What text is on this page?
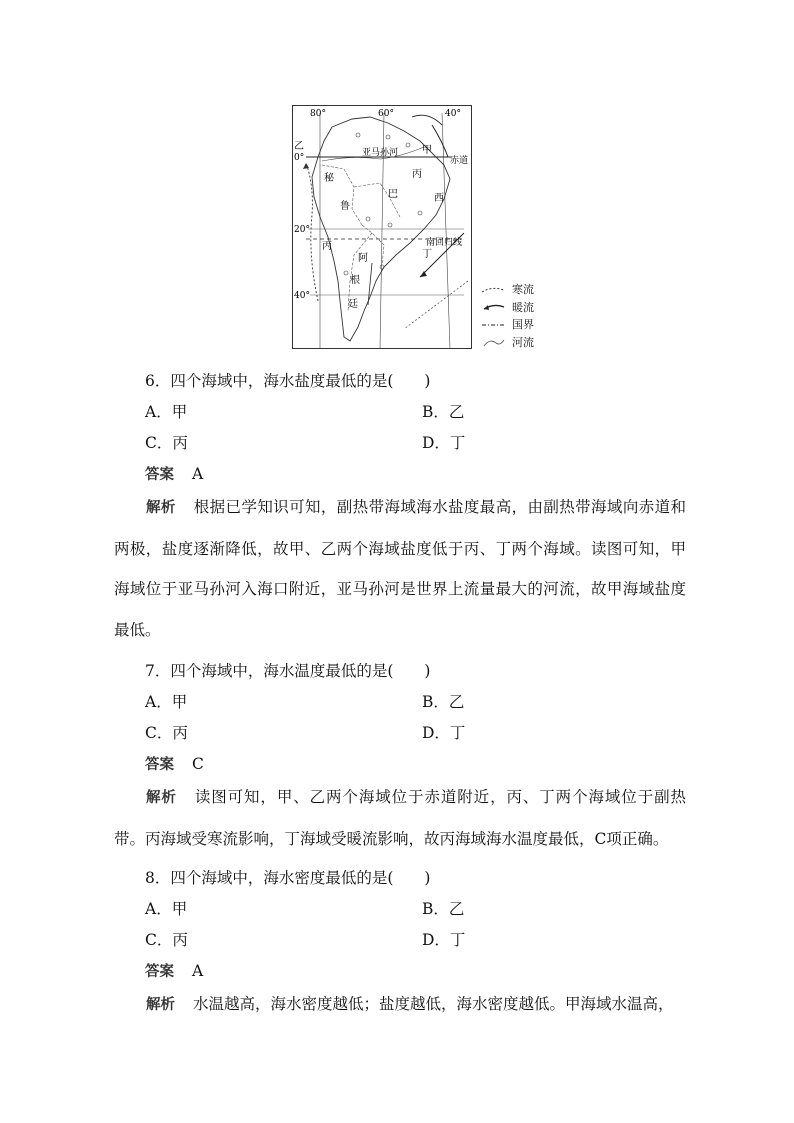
80°	60°	40°
0°
20°
40°
甲
乙
丙
丁
亚马孙河
赤道
南回归线
秘
鲁
巴	西
丙
阿
根
廷
寒流
暖流
国界
河流
6．四个海域中，海水盐度最低的是(　　)
A．甲	B．乙
C．丙	D．丁
答案 A
解析 根据已学知识可知，副热带海域海水盐度最高，由副热带海域向赤道和两极，盐度逐渐降低，故甲、乙两个海域盐度低于丙、丁两个海域。读图可知，甲海域位于亚马孙河入海口附近，亚马孙河是世界上流量最大的河流，故甲海域盐度最低。
7．四个海域中，海水温度最低的是(　　)
A．甲	B．乙
C．丙	D．丁
答案 C
解析 读图可知，甲、乙两个海域位于赤道附近，丙、丁两个海域位于副热带。丙海域受寒流影响，丁海域受暖流影响，故丙海域海水温度最低，C项正确。
8．四个海域中，海水密度最低的是(　　)
A．甲	B．乙
C．丙	D．丁
答案 A
解析 水温越高，海水密度越低；盐度越低，海水密度越低。甲海域水温高，
